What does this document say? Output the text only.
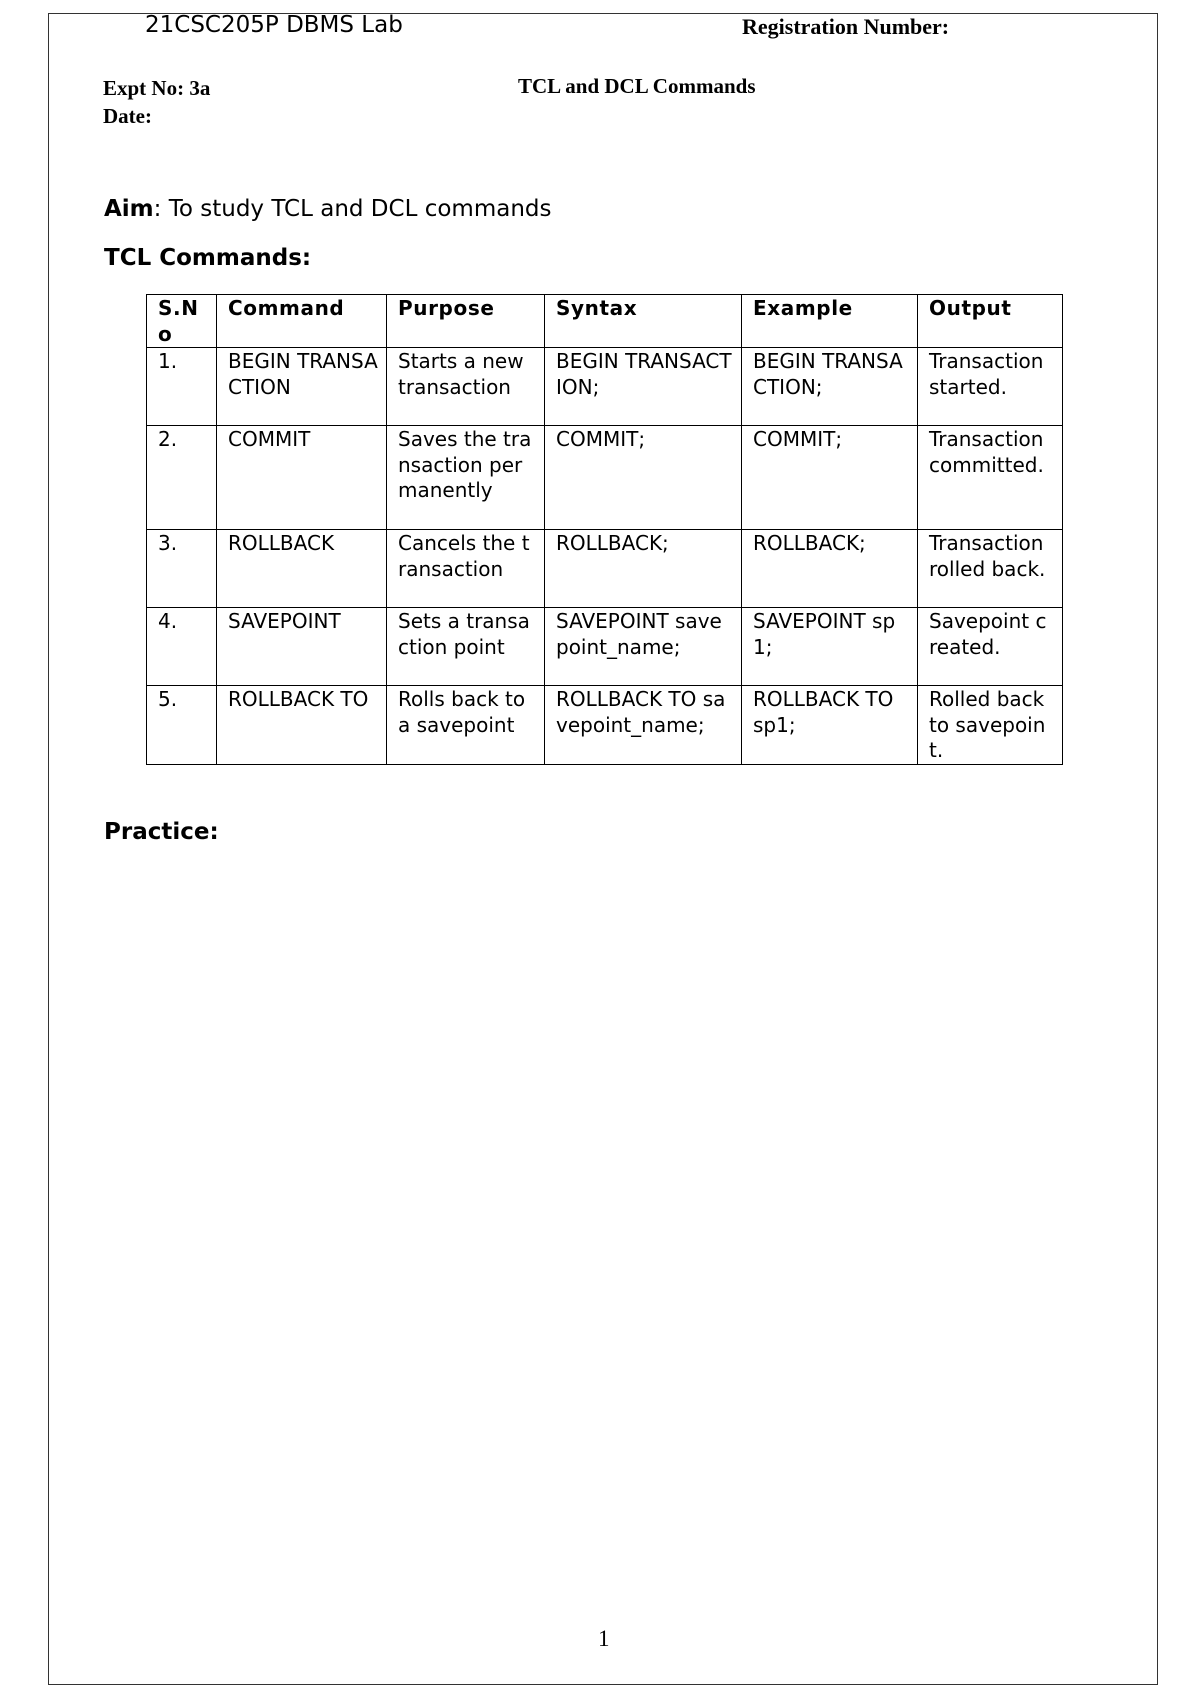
21CSC205P DBMS Lab	Registration Number:
Expt No: 3a
Date:
TCL and DCL Commands
Aim: To study TCL and DCL commands
TCL Commands:
S.No	Command	Purpose	Syntax	Example	Output
1.	BEGIN TRANSACTION	Starts a new transaction	BEGIN TRANSACTION;	BEGIN TRANSACTION;	Transaction started.
2.	COMMIT	Saves the transaction permanently	COMMIT;	COMMIT;	Transaction committed.
3.	ROLLBACK	Cancels the transaction	ROLLBACK;	ROLLBACK;	Transaction rolled back.
4.	SAVEPOINT	Sets a transaction point	SAVEPOINT savepoint_name;	SAVEPOINT sp1;	Savepoint created.
5.	ROLLBACK TO	Rolls back to a savepoint	ROLLBACK TO savepoint_name;	ROLLBACK TO sp1;	Rolled back to savepoint.
Practice:
1
